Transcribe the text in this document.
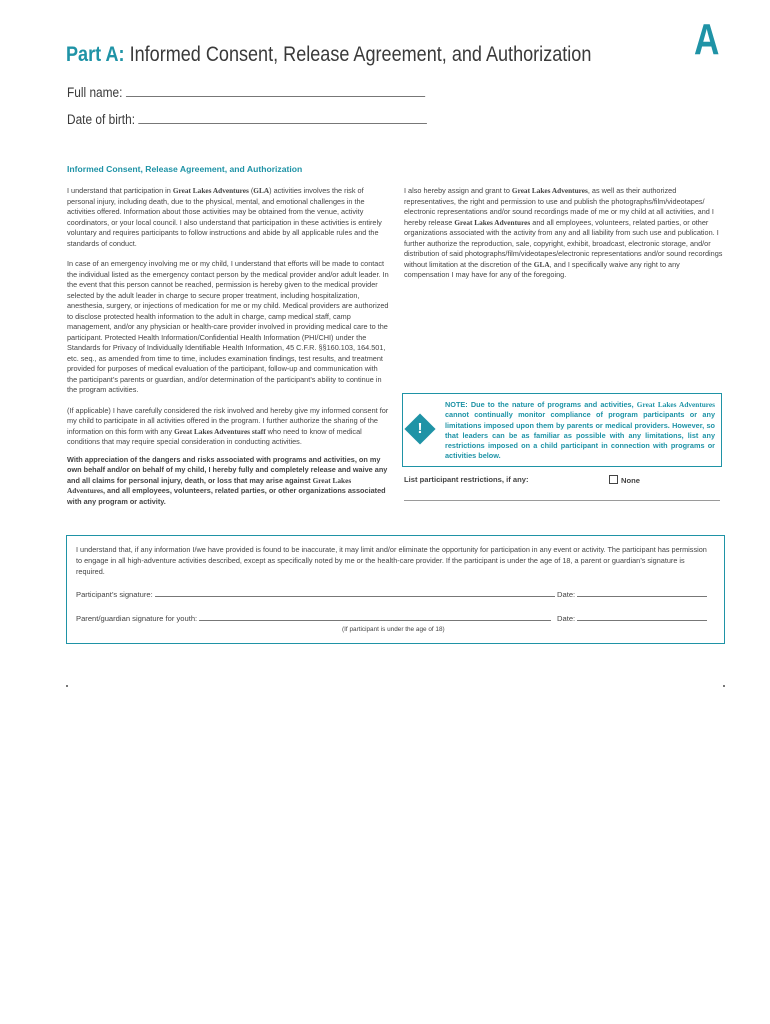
A
Part A: Informed Consent, Release Agreement, and Authorization
Full name:
Date of birth:
Informed Consent, Release Agreement, and Authorization

I understand that participation in Great Lakes Adventures (GLA) activities involves the risk of personal injury, including death, due to the physical, mental, and emotional challenges in the activities offered. Information about those activities may be obtained from the venue, activity coordinators, or your local council. I also understand that participation in these activities is entirely voluntary and requires participants to follow instructions and abide by all applicable rules and the standards of conduct.

In case of an emergency involving me or my child, I understand that efforts will be made to contact the individual listed as the emergency contact person by the medical provider and/or adult leader. In the event that this person cannot be reached, permission is hereby given to the medical provider selected by the adult leader in charge to secure proper treatment, including hospitalization, anesthesia, surgery, or injections of medication for me or my child. Medical providers are authorized to disclose protected health information to the adult in charge, camp medical staff, camp management, and/or any physician or health-care provider involved in providing medical care to the participant. Protected Health Information/Confidential Health Information (PHI/CHI) under the Standards for Privacy of Individually Identifiable Health Information, 45 C.F.R. §§160.103, 164.501, etc. seq., as amended from time to time, includes examination findings, test results, and treatment provided for purposes of medical evaluation of the participant, follow-up and communication with the participant’s parents or guardian, and/or determination of the participant’s ability to continue in the program activities.

(If applicable) I have carefully considered the risk involved and hereby give my informed consent for my child to participate in all activities offered in the program. I further authorize the sharing of the information on this form with any Great Lakes Adventures staff who need to know of medical conditions that may require special consideration in conducting activities.

With appreciation of the dangers and risks associated with programs and activities, on my own behalf and/or on behalf of my child, I hereby fully and completely release and waive any and all claims for personal injury, death, or loss that may arise against Great Lakes Adventures, and all employees, volunteers, related parties, or other organizations associated with any program or activity.

I also hereby assign and grant to Great Lakes Adventures, as well as their authorized representatives, the right and permission to use and publish the photographs/film/videotapes/ electronic representations and/or sound recordings made of me or my child at all activities, and I hereby release Great Lakes Adventures and all employees, volunteers, related parties, or other organizations associated with the activity from any and all liability from such use and publication. I further authorize the reproduction, sale, copyright, exhibit, broadcast, electronic storage, and/or distribution of said photographs/film/videotapes/electronic representations and/or sound recordings without limitation at the discretion of the GLA, and I specifically waive any right to any compensation I may have for any of the foregoing.

!
NOTE: Due to the nature of programs and activities, Great Lakes Adventures cannot continually monitor compliance of program participants or any limitations imposed upon them by parents or medical providers. However, so that leaders can be as familiar as possible with any limitations, list any restrictions imposed on a child participant in connection with programs or activities below.
List participant restrictions, if any:	None
I understand that, if any information I/we have provided is found to be inaccurate, it may limit and/or eliminate the opportunity for participation in any event or activity. The participant has permission to engage in all high-adventure activities described, except as specifically noted by me or the health-care provider. If the participant is under the age of 18, a parent or guardian’s signature is required.
Participant’s signature:	Date:
Parent/guardian signature for youth:	Date:
(If participant is under the age of 18)
